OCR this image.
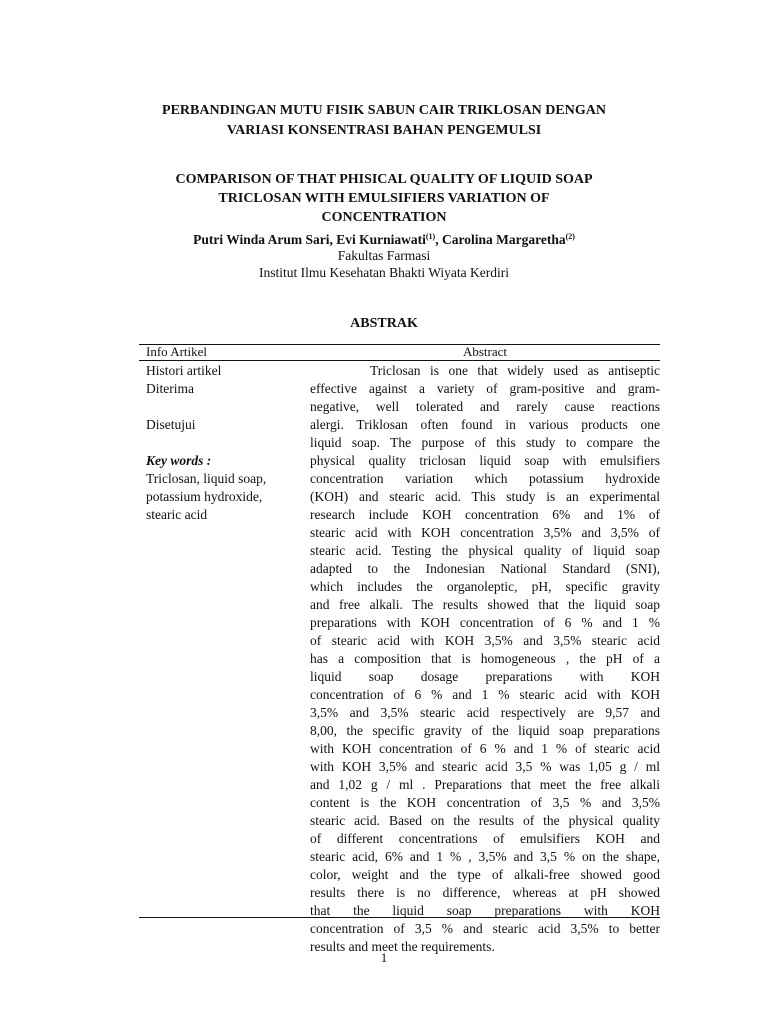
PERBANDINGAN MUTU FISIK SABUN CAIR TRIKLOSAN DENGAN
VARIASI KONSENTRASI BAHAN PENGEMULSI
COMPARISON OF THAT PHISICAL QUALITY OF LIQUID SOAP
TRICLOSAN WITH EMULSIFIERS VARIATION OF
CONCENTRATION
Putri Winda Arum Sari, Evi Kurniawati$^{(1)}$, Carolina Margaretha$^{(2)}$
Fakultas Farmasi
Institut Ilmu Kesehatan Bhakti Wiyata Kerdiri
ABSTRAK
Info Artikel	Abstract
Histori artikel
Diterima
Disetujui
Key words :
Triclosan, liquid soap,
potassium hydroxide,
stearic acid
Triclosan is one that widely used as antiseptic
effective against a variety of gram-positive and gram-
negative, well tolerated and rarely cause reactions
alergi. Triklosan often found in various products one
liquid soap. The purpose of this study to compare the
physical quality triclosan liquid soap with emulsifiers
concentration variation which potassium hydroxide
(KOH) and stearic acid. This study is an experimental
research include KOH concentration 6% and 1% of
stearic acid with KOH concentration 3,5% and 3,5% of
stearic acid. Testing the physical quality of liquid soap
adapted to the Indonesian National Standard (SNI),
which includes the organoleptic, pH, specific gravity
and free alkali. The results showed that the liquid soap
preparations with KOH concentration of 6 % and 1 %
of stearic acid with KOH 3,5% and 3,5% stearic acid
has a composition that is homogeneous , the pH of a
liquid soap dosage preparations with KOH
concentration of 6 % and 1 % stearic acid with KOH
3,5% and 3,5% stearic acid respectively are 9,57 and
8,00, the specific gravity of the liquid soap preparations
with KOH concentration of 6 % and 1 % of stearic acid
with KOH 3,5% and stearic acid 3,5 % was 1,05 g / ml
and 1,02 g / ml . Preparations that meet the free alkali
content is the KOH concentration of 3,5 % and 3,5%
stearic acid. Based on the results of the physical quality
of different concentrations of emulsifiers KOH and
stearic acid, 6% and 1 % , 3,5% and 3,5 % on the shape,
color, weight and the type of alkali-free showed good
results there is no difference, whereas at pH showed
that the liquid soap preparations with KOH
concentration of 3,5 % and stearic acid 3,5% to better
results and meet the requirements.
1
